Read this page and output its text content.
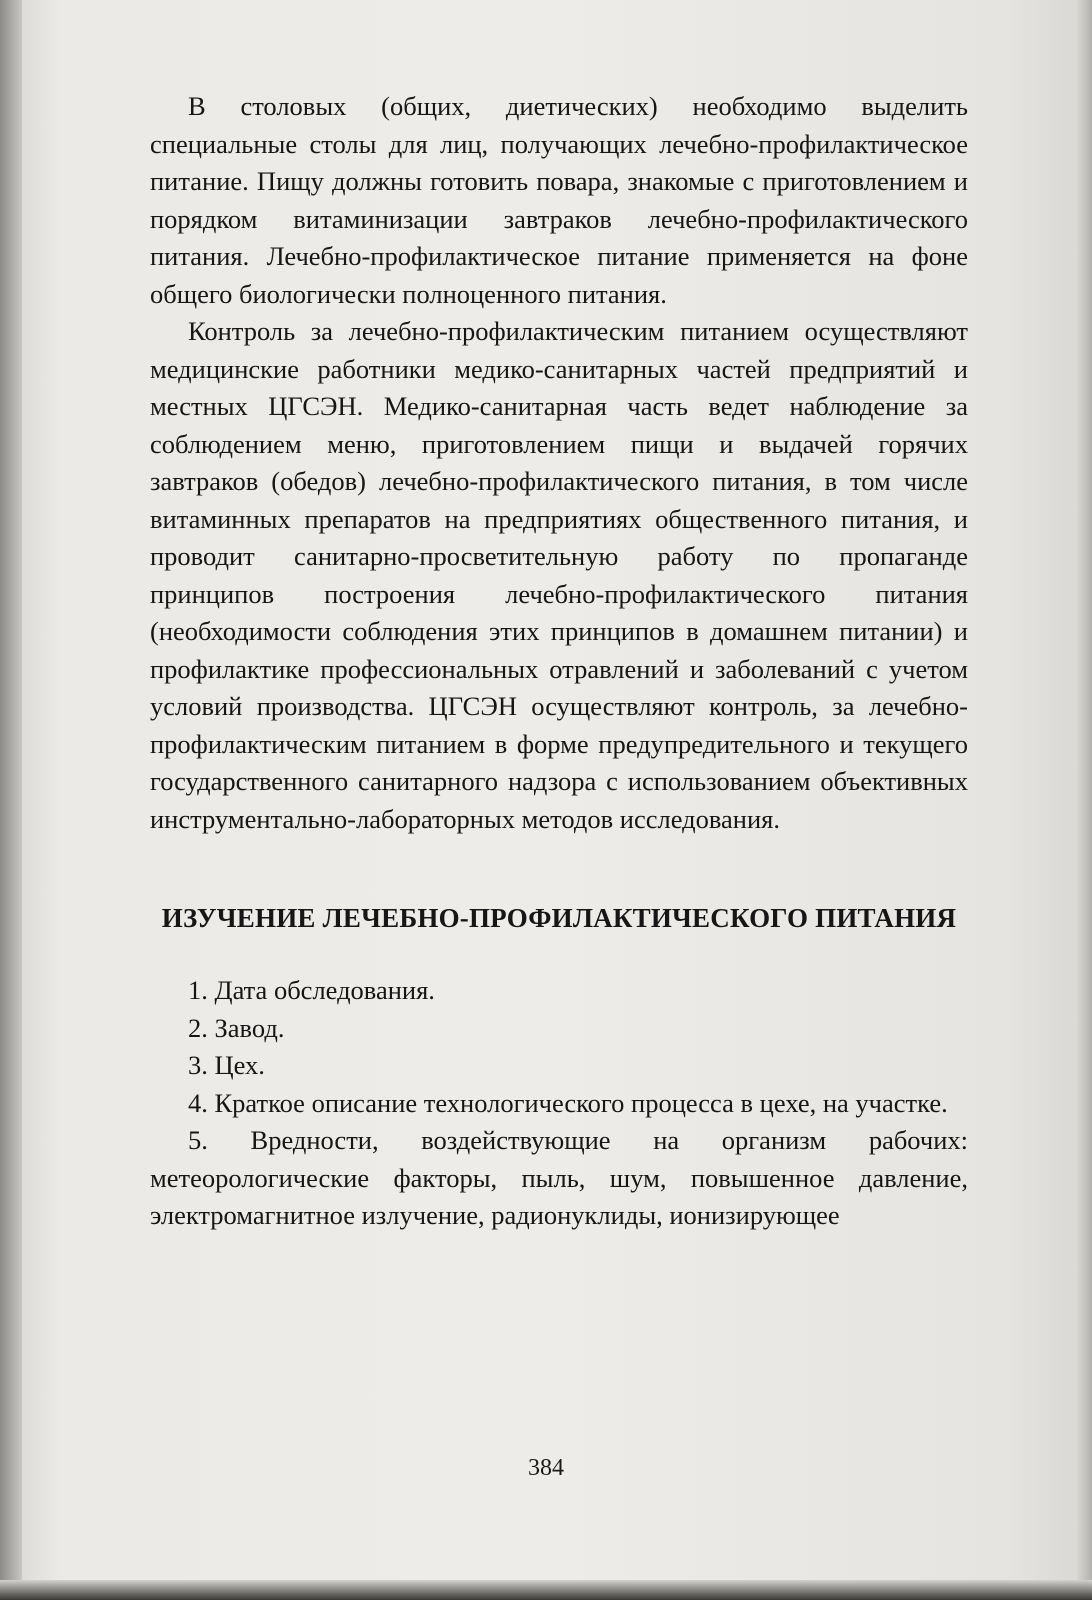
В столовых (общих, диетических) необходимо выделить специальные столы для лиц, получающих лечебно-профилактическое питание. Пищу должны готовить повара, знакомые с приготовлением и порядком витаминизации завтраков лечебно-профилактического питания. Лечебно-профилактическое питание применяется на фоне общего биологически полноценного питания.

Контроль за лечебно-профилактическим питанием осуществляют медицинские работники медико-санитарных частей предприятий и местных ЦГСЭН. Медико-санитарная часть ведет наблюдение за соблюдением меню, приготовлением пищи и выдачей горячих завтраков (обедов) лечебно-профилактического питания, в том числе витаминных препаратов на предприятиях общественного питания, и проводит санитарно-просветительную работу по пропаганде принципов построения лечебно-профилактического питания (необходимости соблюдения этих принципов в домашнем питании) и профилактике профессиональных отравлений и заболеваний с учетом условий производства. ЦГСЭН осуществляют контроль, за лечебно-профилактическим питанием в форме предупредительного и текущего государственного санитарного надзора с использованием объективных инструментально-лабораторных методов исследования.

ИЗУЧЕНИЕ ЛЕЧЕБНО-ПРОФИЛАКТИЧЕСКОГО ПИТАНИЯ

1. Дата обследования.

2. Завод.

3. Цех.

4. Краткое описание технологического процесса в цехе, на участке.

5. Вредности, воздействующие на организм рабочих: метеорологические факторы, пыль, шум, повышенное давление, электромагнитное излучение, радионуклиды, ионизирующее

384
